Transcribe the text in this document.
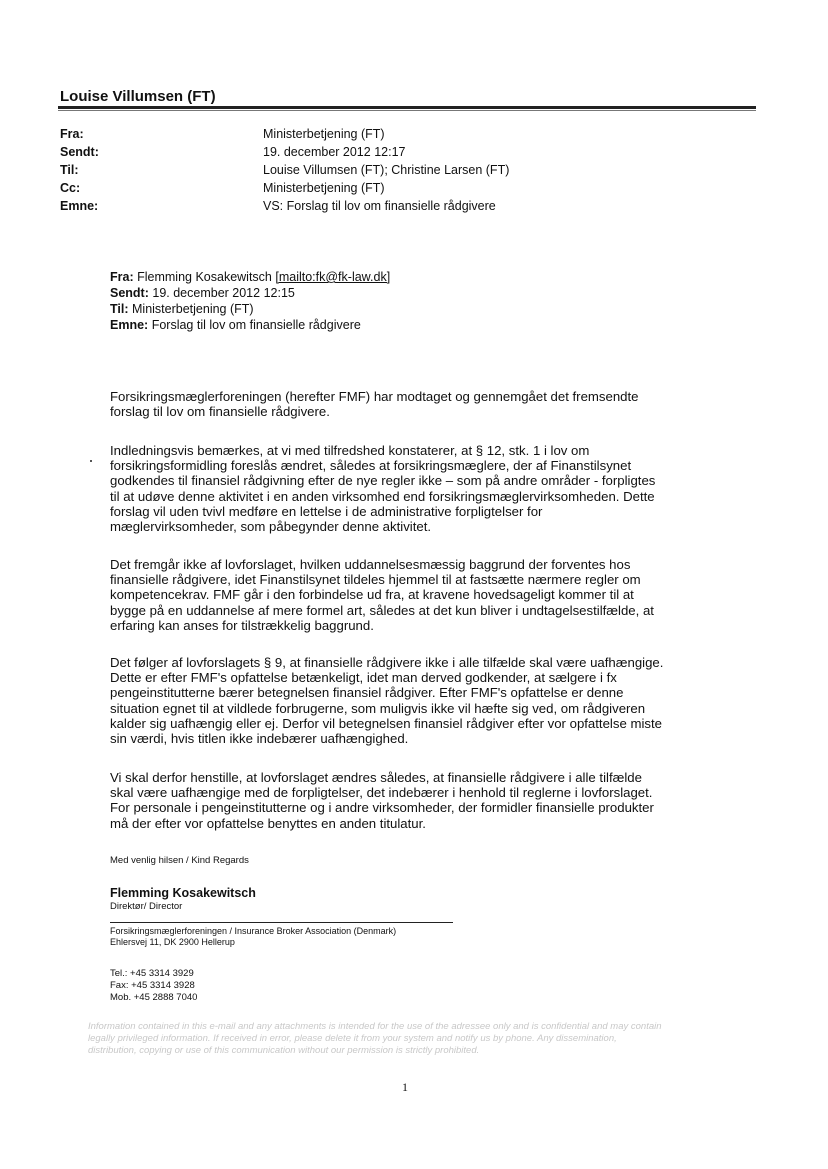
Louise Villumsen (FT)
Fra:	Ministerbetjening (FT)
Sendt:	19. december 2012 12:17
Til:	Louise Villumsen (FT); Christine Larsen (FT)
Cc:	Ministerbetjening (FT)
Emne:	VS: Forslag til lov om finansielle rådgivere
Fra: Flemming Kosakewitsch [mailto:fk@fk-law.dk]
Sendt: 19. december 2012 12:15
Til: Ministerbetjening (FT)
Emne: Forslag til lov om finansielle rådgivere
Forsikringsmæglerforeningen (herefter FMF) har modtaget og gennemgået det fremsendte
forslag til lov om finansielle rådgivere.
Indledningsvis bemærkes, at vi med tilfredshed konstaterer, at § 12, stk. 1 i lov om
forsikringsformidling foreslås ændret, således at forsikringsmæglere, der af Finanstilsynet
godkendes til finansiel rådgivning efter de nye regler ikke – som på andre områder - forpligtes
til at udøve denne aktivitet i en anden virksomhed end forsikringsmæglervirksomheden. Dette
forslag vil uden tvivl medføre en lettelse i de administrative forpligtelser for
mæglervirksomheder, som påbegynder denne aktivitet.
Det fremgår ikke af lovforslaget, hvilken uddannelsesmæssig baggrund der forventes hos
finansielle rådgivere, idet Finanstilsynet tildeles hjemmel til at fastsætte nærmere regler om
kompetencekrav. FMF går i den forbindelse ud fra, at kravene hovedsageligt kommer til at
bygge på en uddannelse af mere formel art, således at det kun bliver i undtagelsestilfælde, at
erfaring kan anses for tilstrækkelig baggrund.
Det følger af lovforslagets § 9, at finansielle rådgivere ikke i alle tilfælde skal være uafhængige.
Dette er efter FMF's opfattelse betænkeligt, idet man derved godkender, at sælgere i fx
pengeinstitutterne bærer betegnelsen finansiel rådgiver. Efter FMF's opfattelse er denne
situation egnet til at vildlede forbrugerne, som muligvis ikke vil hæfte sig ved, om rådgiveren
kalder sig uafhængig eller ej. Derfor vil betegnelsen finansiel rådgiver efter vor opfattelse miste
sin værdi, hvis titlen ikke indebærer uafhængighed.
Vi skal derfor henstille, at lovforslaget ændres således, at finansielle rådgivere i alle tilfælde
skal være uafhængige med de forpligtelser, det indebærer i henhold til reglerne i lovforslaget.
For personale i pengeinstitutterne og i andre virksomheder, der formidler finansielle produkter
må der efter vor opfattelse benyttes en anden titulatur.
Med venlig hilsen / Kind Regards
Flemming Kosakewitsch
Direktør/ Director
Forsikringsmæglerforeningen / Insurance Broker Association (Denmark)
Ehlersvej 11, DK 2900 Hellerup
Tel.: +45 3314 3929
Fax: +45 3314 3928
Mob. +45 2888 7040
Information contained in this e-mail and any attachments is intended for the use of the adressee only and is confidential and may contain
legally privileged information. If received in error, please delete it from your system and notify us by phone. Any dissemination,
distribution, copying or use of this communication without our permission is strictly prohibited.
1
